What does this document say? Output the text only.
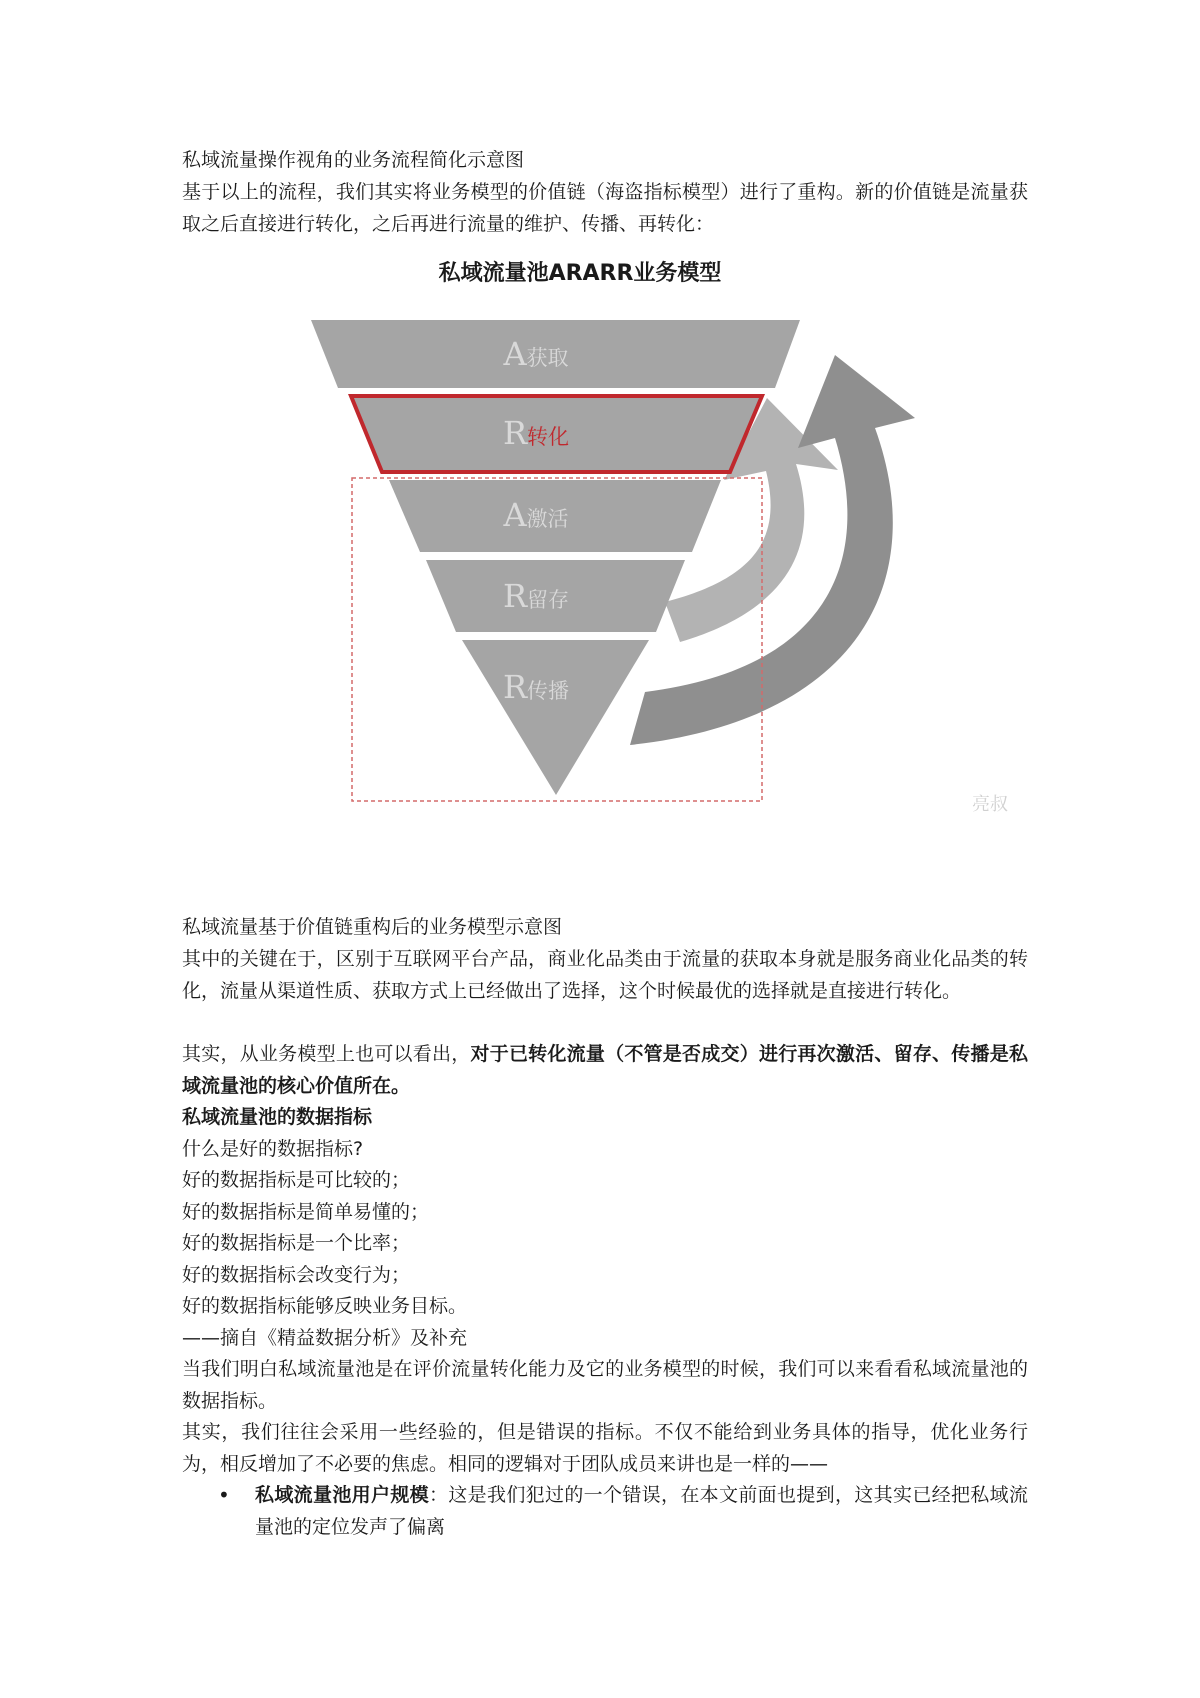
私域流量操作视角的业务流程简化示意图

基于以上的流程，我们其实将业务模型的价值链（海盗指标模型）进行了重构。新的价值链是流量获取之后直接进行转化，之后再进行流量的维护、传播、再转化：

私域流量池ARARR业务模型
A获取
R转化
A激活
R留存
R传播
亮叔

私域流量基于价值链重构后的业务模型示意图

其中的关键在于，区别于互联网平台产品，商业化品类由于流量的获取本身就是服务商业化品类的转化，流量从渠道性质、获取方式上已经做出了选择，这个时候最优的选择就是直接进行转化。

其实，从业务模型上也可以看出，对于已转化流量（不管是否成交）进行再次激活、留存、传播是私域流量池的核心价值所在。

私域流量池的数据指标

什么是好的数据指标?

好的数据指标是可比较的；

好的数据指标是简单易懂的；

好的数据指标是一个比率；

好的数据指标会改变行为；

好的数据指标能够反映业务目标。

——摘自《精益数据分析》及补充

当我们明白私域流量池是在评价流量转化能力及它的业务模型的时候，我们可以来看看私域流量池的数据指标。

其实，我们往往会采用一些经验的，但是错误的指标。不仅不能给到业务具体的指导，优化业务行为，相反增加了不必要的焦虑。相同的逻辑对于团队成员来讲也是一样的——

• 私域流量池用户规模：这是我们犯过的一个错误，在本文前面也提到，这其实已经把私域流量池的定位发声了偏离
